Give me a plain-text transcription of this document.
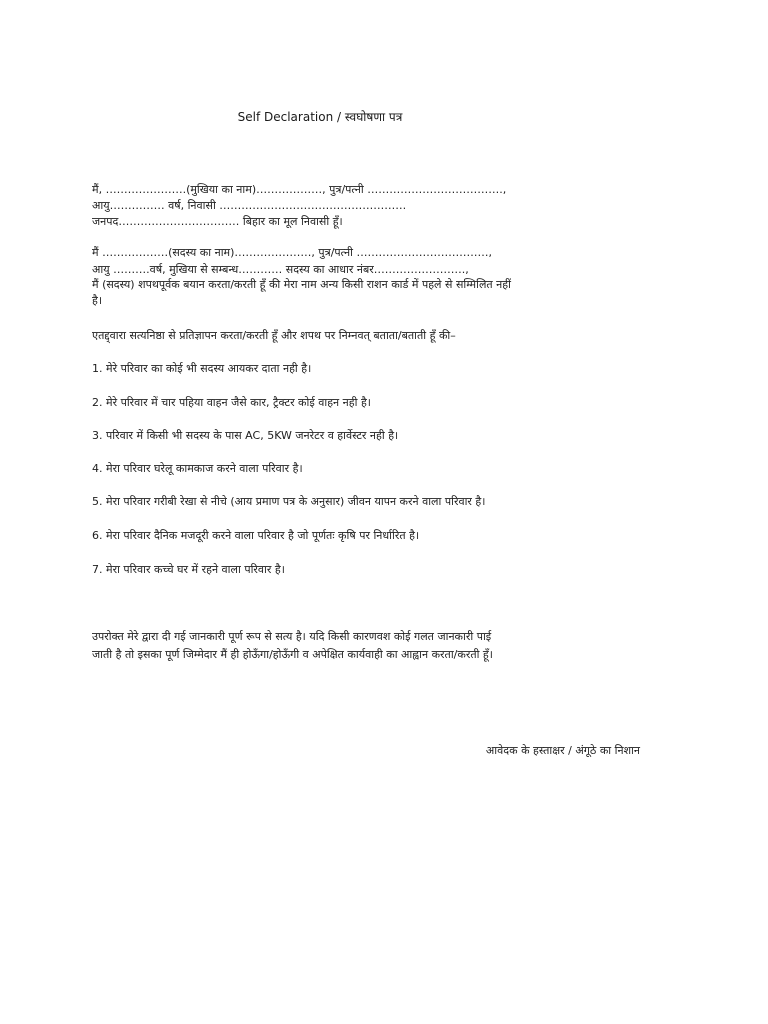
Self Declaration / स्वघोषणा पत्र
मैं, ………………….(मुखिया का नाम)………………, पुत्र/पत्नी ……………………………….,
आयु…………… वर्ष, निवासी ……………………………………………
जनपद…………………………… बिहार का मूल निवासी हूँ।
मैं ………………(सदस्य का नाम)…………………, पुत्र/पत्नी ………………………………,
आयु ……….वर्ष, मुखिया से सम्बन्ध………… सदस्य का आधार नंबर…………………….,
मैं (सदस्य) शपथपूर्वक बयान करता/करती हूँ की मेरा नाम अन्य किसी राशन कार्ड में पहले से सम्मिलित नहीं
है।
एतद्द्वारा सत्यनिष्ठा से प्रतिज्ञापन करता/करती हूँ और शपथ पर निम्नवत् बताता/बताती हूँ की–
1. मेरे परिवार का कोई भी सदस्य आयकर दाता नही है।
2. मेरे परिवार में चार पहिया वाहन जैसे कार, ट्रैक्टर कोई वाहन नही है।
3. परिवार में किसी भी सदस्य के पास AC, 5KW जनरेटर व हार्वेस्टर नही है।
4. मेरा परिवार घरेलू कामकाज करने वाला परिवार है।
5. मेरा परिवार गरीबी रेखा से नीचे (आय प्रमाण पत्र के अनुसार) जीवन यापन करने वाला परिवार है।
6. मेरा परिवार दैनिक मजदूरी करने वाला परिवार है जो पूर्णतः कृषि पर निर्धारित है।
7. मेरा परिवार कच्चे घर में रहने वाला परिवार है।
उपरोक्त मेरे द्वारा दी गई जानकारी पूर्ण रूप से सत्य है। यदि किसी कारणवश कोई गलत जानकारी पाई
जाती है तो इसका पूर्ण जिम्मेदार मैं ही होऊँगा/होऊँगी व अपेक्षित कार्यवाही का आह्वान करता/करती हूँ।
आवेदक के हस्ताक्षर / अंगूठे का निशान
